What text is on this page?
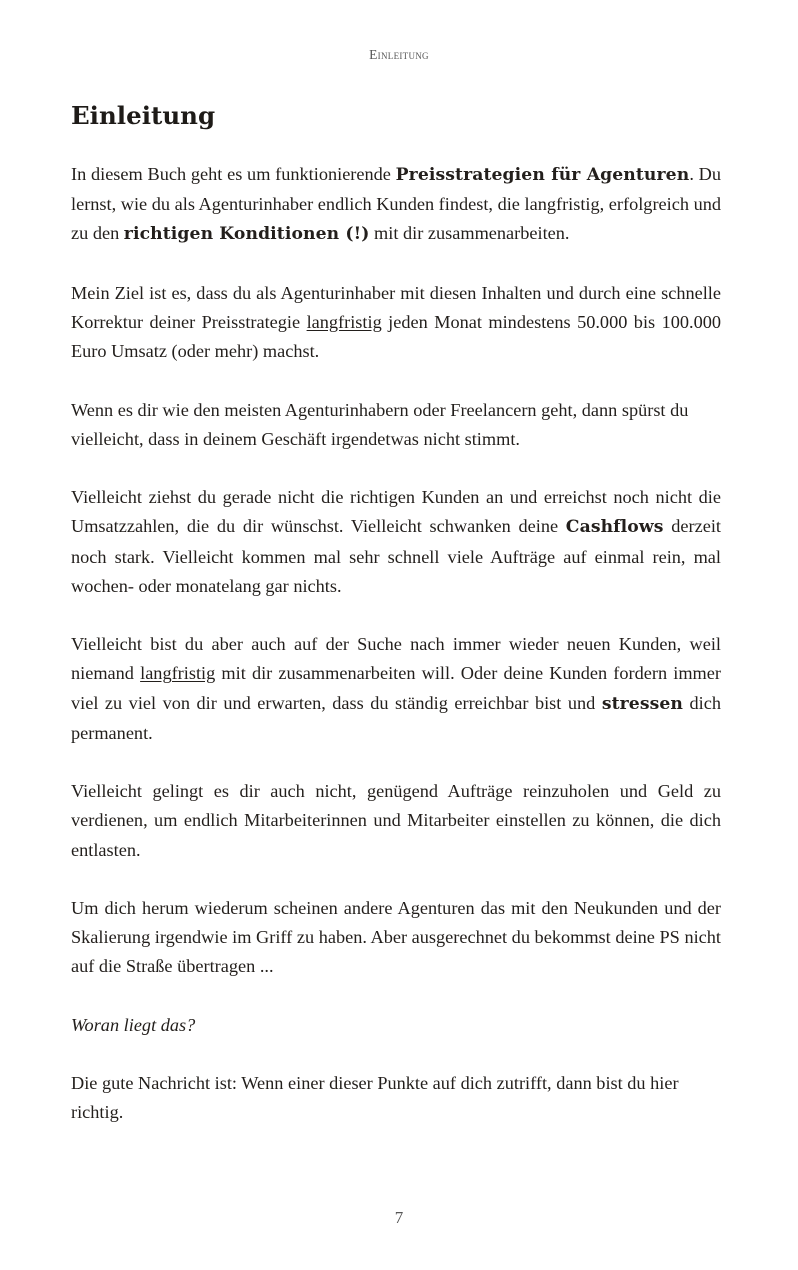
Einleitung
Einleitung

In diesem Buch geht es um funktionierende Preisstrategien für Agenturen. Du lernst, wie du als Agenturinhaber endlich Kunden findest, die langfristig, erfolgreich und zu den richtigen Konditionen (!) mit dir zusammenarbeiten.

Mein Ziel ist es, dass du als Agenturinhaber mit diesen Inhalten und durch eine schnelle Korrektur deiner Preisstrategie langfristig jeden Monat mindestens 50.000 bis 100.000 Euro Umsatz (oder mehr) machst.

Wenn es dir wie den meisten Agenturinhabern oder Freelancern geht, dann spürst du vielleicht, dass in deinem Geschäft irgendetwas nicht stimmt.

Vielleicht ziehst du gerade nicht die richtigen Kunden an und erreichst noch nicht die Umsatzzahlen, die du dir wünschst. Vielleicht schwanken deine Cashflows derzeit noch stark. Vielleicht kommen mal sehr schnell viele Aufträge auf einmal rein, mal wochen- oder monatelang gar nichts.

Vielleicht bist du aber auch auf der Suche nach immer wieder neuen Kunden, weil niemand langfristig mit dir zusammenarbeiten will. Oder deine Kunden fordern immer viel zu viel von dir und erwarten, dass du ständig erreichbar bist und stressen dich permanent.

Vielleicht gelingt es dir auch nicht, genügend Aufträge reinzuholen und Geld zu verdienen, um endlich Mitarbeiterinnen und Mitarbeiter einstellen zu können, die dich entlasten.

Um dich herum wiederum scheinen andere Agenturen das mit den Neukunden und der Skalierung irgendwie im Griff zu haben. Aber ausgerechnet du bekommst deine PS nicht auf die Straße übertragen ...

Woran liegt das?

Die gute Nachricht ist: Wenn einer dieser Punkte auf dich zutrifft, dann bist du hier richtig.

7
